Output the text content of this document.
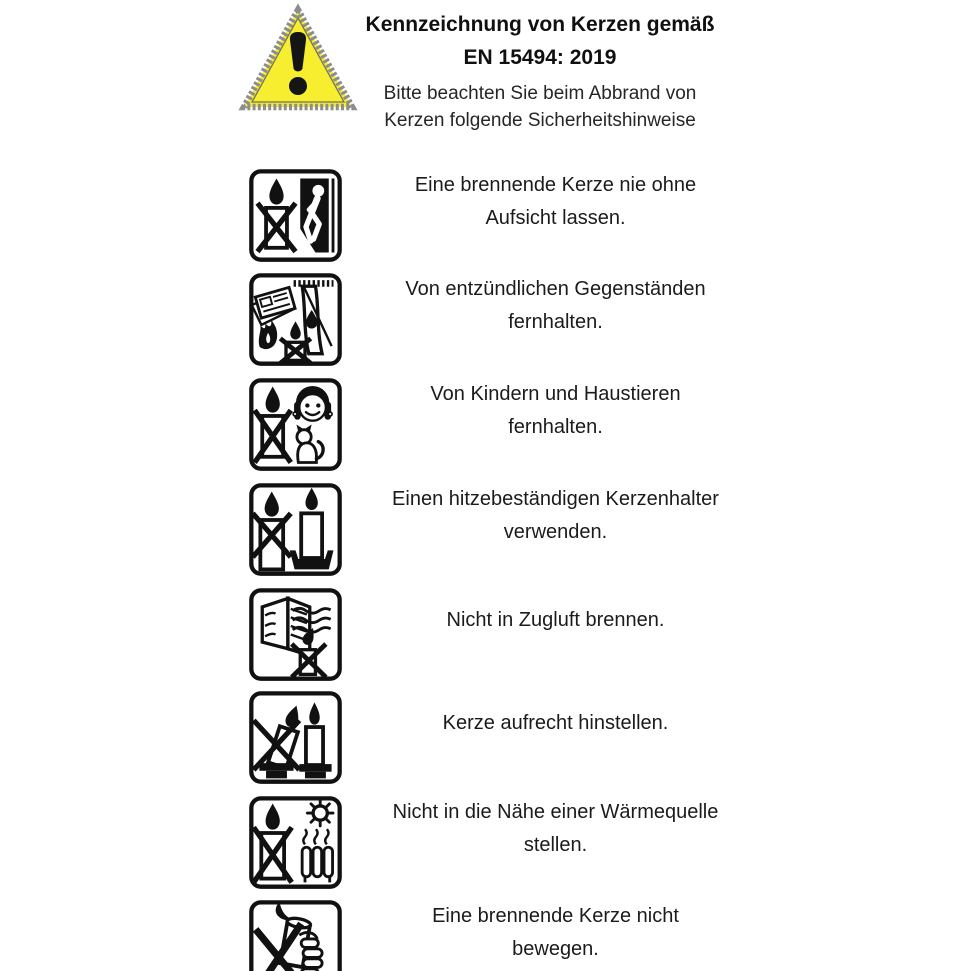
Kennzeichnung von Kerzen gemäß
EN 15494: 2019
Bitte beachten Sie beim Abbrand von
Kerzen folgende Sicherheitshinweise
Eine brennende Kerze nie ohne
Aufsicht lassen.
Von entzündlichen Gegenständen
fernhalten.
Von Kindern und Haustieren
fernhalten.
Einen hitzebeständigen Kerzenhalter
verwenden.
Nicht in Zugluft brennen.
Kerze aufrecht hinstellen.
Nicht in die Nähe einer Wärmequelle
stellen.
Eine brennende Kerze nicht
bewegen.
